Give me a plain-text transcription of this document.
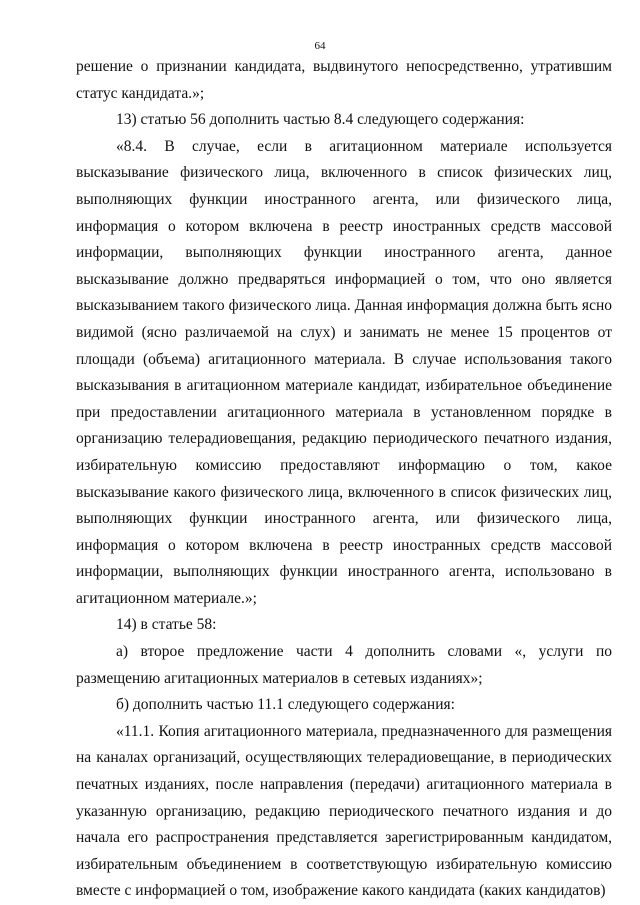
64

решение о признании кандидата, выдвинутого непосредственно, утратившим статус кандидата.»;

13) статью 56 дополнить частью 8.4 следующего содержания:

«8.4. В случае, если в агитационном материале используется высказывание физического лица, включенного в список физических лиц, выполняющих функции иностранного агента, или физического лица, информация о котором включена в реестр иностранных средств массовой информации, выполняющих функции иностранного агента, данное высказывание должно предваряться информацией о том, что оно является высказыванием такого физического лица. Данная информация должна быть ясно видимой (ясно различаемой на слух) и занимать не менее 15 процентов от площади (объема) агитационного материала. В случае использования такого высказывания в агитационном материале кандидат, избирательное объединение при предоставлении агитационного материала в установленном порядке в организацию телерадиовещания, редакцию периодического печатного издания, избирательную комиссию предоставляют информацию о том, какое высказывание какого физического лица, включенного в список физических лиц, выполняющих функции иностранного агента, или физического лица, информация о котором включена в реестр иностранных средств массовой информации, выполняющих функции иностранного агента, использовано в агитационном материале.»;

14) в статье 58:

а) второе предложение части 4 дополнить словами «, услуги по размещению агитационных материалов в сетевых изданиях»;

б) дополнить частью 11.1 следующего содержания:

«11.1. Копия агитационного материала, предназначенного для размещения на каналах организаций, осуществляющих телерадиовещание, в периодических печатных изданиях, после направления (передачи) агитационного материала в указанную организацию, редакцию периодического печатного издания и до начала его распространения представляется зарегистрированным кандидатом, избирательным объединением в соответствующую избирательную комиссию вместе с информацией о том, изображение какого кандидата (каких кандидатов)
